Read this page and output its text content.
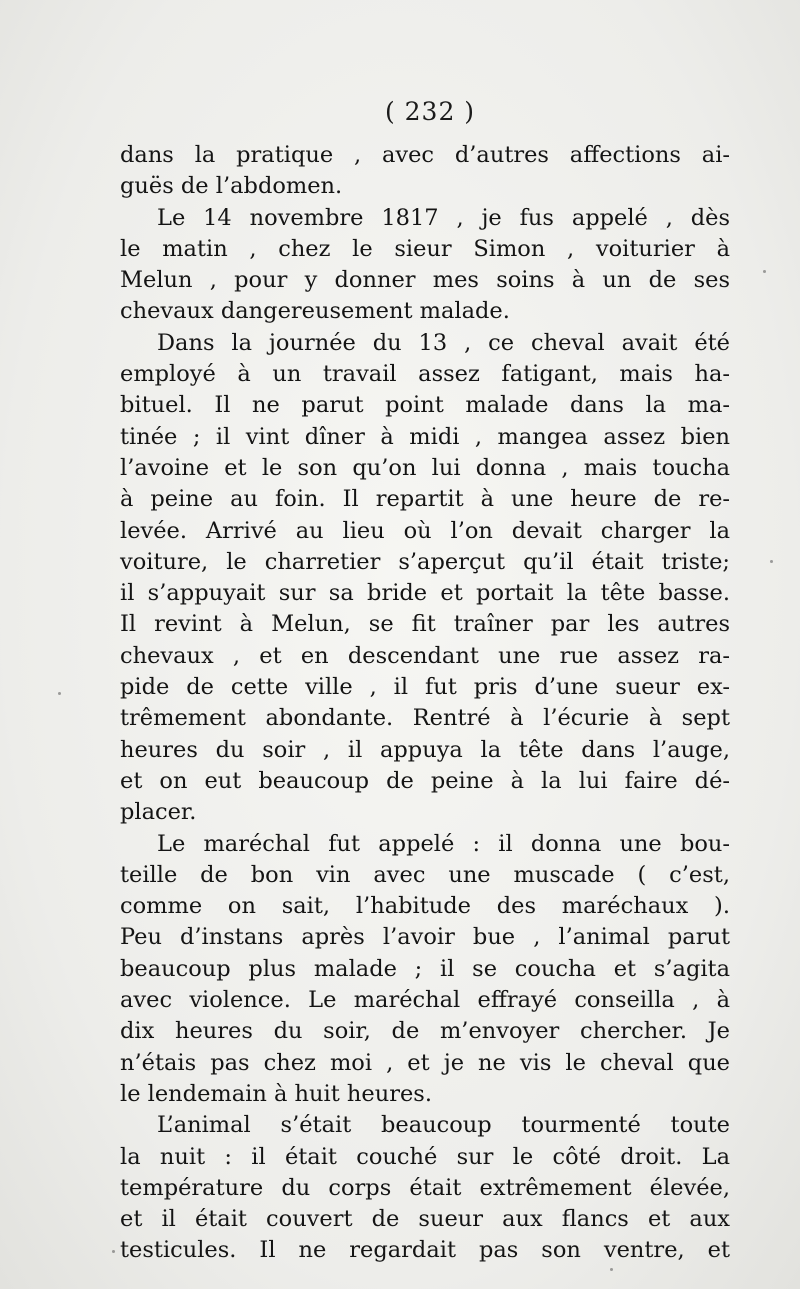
( 232 )
dans la pratique , avec d’autres affections ai-
guës de l’abdomen.
Le 14 novembre 1817 , je fus appelé , dès
le matin , chez le sieur Simon , voiturier à
Melun , pour y donner mes soins à un de ses
chevaux dangereusement malade.
Dans la journée du 13 , ce cheval avait été
employé à un travail assez fatigant, mais ha-
bituel. Il ne parut point malade dans la ma-
tinée ; il vint dîner à midi , mangea assez bien
l’avoine et le son qu’on lui donna , mais toucha
à peine au foin. Il repartit à une heure de re-
levée. Arrivé au lieu où l’on devait charger la
voiture, le charretier s’aperçut qu’il était triste;
il s’appuyait sur sa bride et portait la tête basse.
Il revint à Melun, se fit traîner par les autres
chevaux , et en descendant une rue assez ra-
pide de cette ville , il fut pris d’une sueur ex-
trêmement abondante. Rentré à l’écurie à sept
heures du soir , il appuya la tête dans l’auge,
et on eut beaucoup de peine à la lui faire dé-
placer.
Le maréchal fut appelé : il donna une bou-
teille de bon vin avec une muscade ( c’est,
comme on sait, l’habitude des maréchaux ).
Peu d’instans après l’avoir bue , l’animal parut
beaucoup plus malade ; il se coucha et s’agita
avec violence. Le maréchal effrayé conseilla , à
dix heures du soir, de m’envoyer chercher. Je
n’étais pas chez moi , et je ne vis le cheval que
le lendemain à huit heures.
L’animal s’était beaucoup tourmenté toute
la nuit : il était couché sur le côté droit. La
température du corps était extrêmement élevée,
et il était couvert de sueur aux flancs et aux
testicules. Il ne regardait pas son ventre, et
